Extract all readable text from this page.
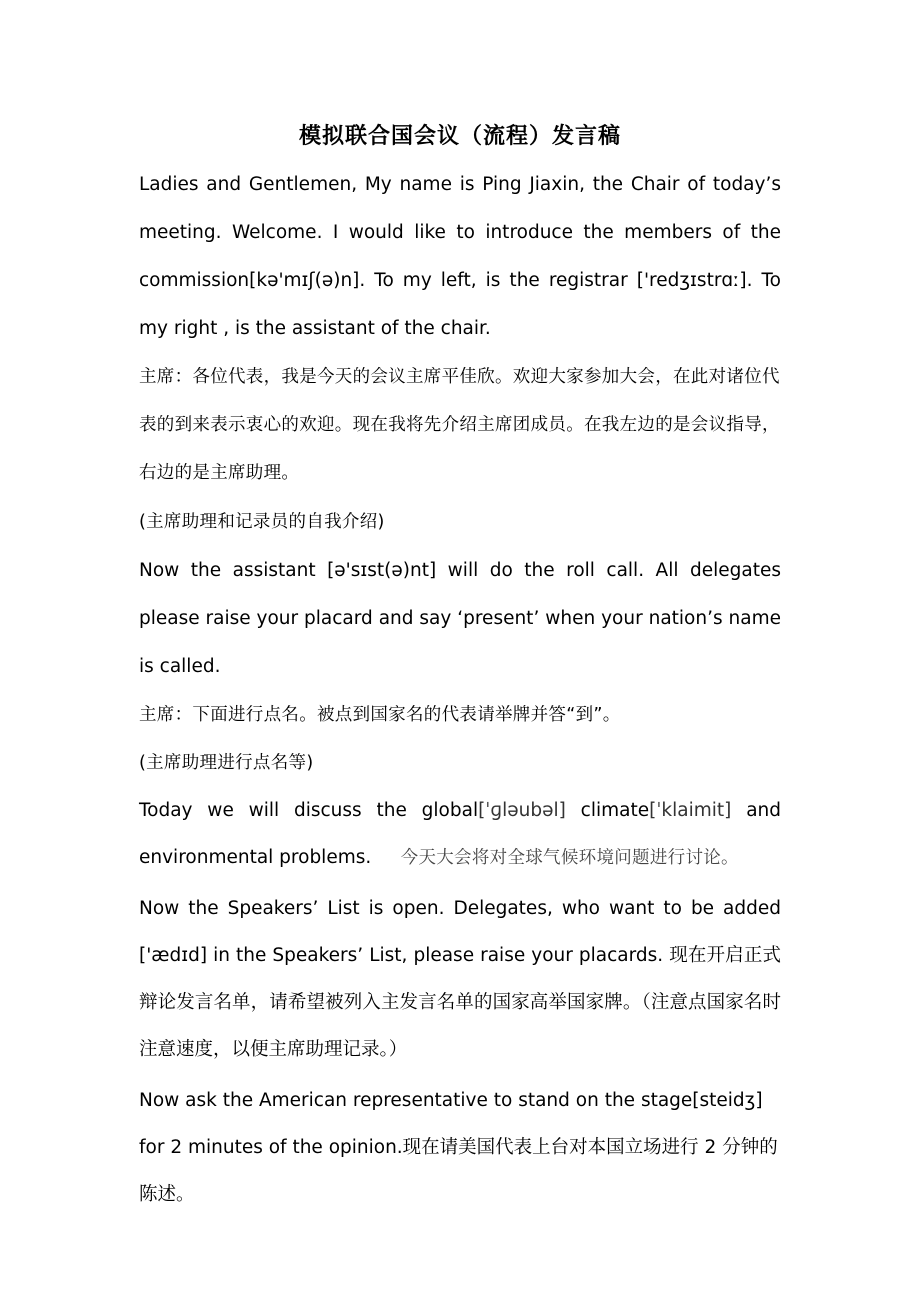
模拟联合国会议（流程）发言稿

Ladies and Gentlemen, My name is Ping Jiaxin, the Chair of today’s meeting. Welcome. I would like to introduce the members of the commission[kə'mɪʃ(ə)n]. To my left, is the registrar ['redʒɪstrɑː]. To my right , is the assistant of the chair.

主席：各位代表，我是今天的会议主席平佳欣。欢迎大家参加大会，在此对诸位代表的到来表示衷心的欢迎。现在我将先介绍主席团成员。在我左边的是会议指导，右边的是主席助理。

(主席助理和记录员的自我介绍)

Now the assistant [ə'sɪst(ə)nt] will do the roll call. All delegates please raise your placard and say ‘present’ when your nation’s name is called.

主席：下面进行点名。被点到国家名的代表请举牌并答“到”。

(主席助理进行点名等)

Today we will discuss the global[ˈɡləubəl] climate[ˈklaimit] and environmental problems. 今天大会将对全球气候环境问题进行讨论。

Now the Speakers’ List is open. Delegates, who want to be added ['ædɪd] in the Speakers’ List, please raise your placards. 现在开启正式辩论发言名单，请希望被列入主发言名单的国家高举国家牌。（注意点国家名时注意速度，以便主席助理记录。）

Now ask the American representative to stand on the stage[steidʒ] for 2 minutes of the opinion.现在请美国代表上台对本国立场进行 2 分钟的陈述。
